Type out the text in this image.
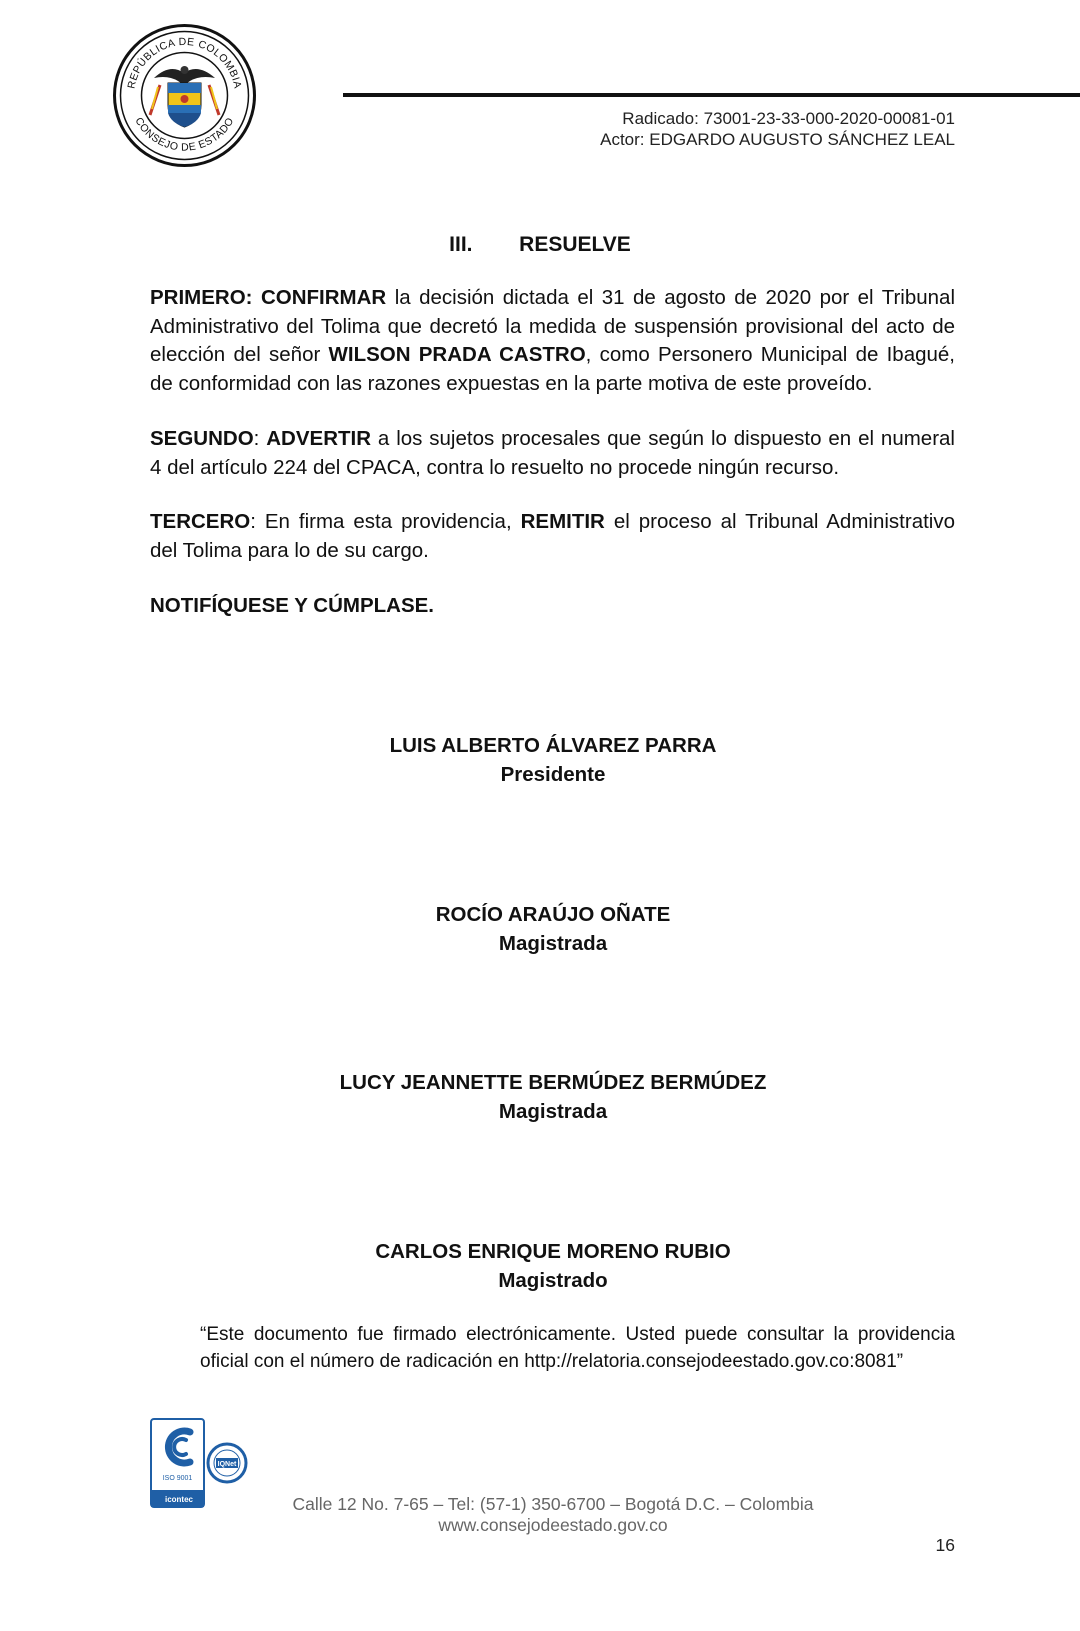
REPÚBLICA DE COLOMBIA
CONSEJO DE ESTADO	Radicado: 73001-23-33-000-2020-00081-01
Actor: EDGARDO AUGUSTO SÁNCHEZ LEAL
III. RESUELVE
PRIMERO: CONFIRMAR la decisión dictada el 31 de agosto de 2020 por el Tribunal Administrativo del Tolima que decretó la medida de suspensión provisional del acto de elección del señor WILSON PRADA CASTRO, como Personero Municipal de Ibagué, de conformidad con las razones expuestas en la parte motiva de este proveído.
SEGUNDO: ADVERTIR a los sujetos procesales que según lo dispuesto en el numeral 4 del artículo 224 del CPACA, contra lo resuelto no procede ningún recurso.
TERCERO: En firma esta providencia, REMITIR el proceso al Tribunal Administrativo del Tolima para lo de su cargo.
NOTIFÍQUESE Y CÚMPLASE.
LUIS ALBERTO ÁLVAREZ PARRA
Presidente
ROCÍO ARAÚJO OÑATE
Magistrada
LUCY JEANNETTE BERMÚDEZ BERMÚDEZ
Magistrada
CARLOS ENRIQUE MORENO RUBIO
Magistrado
“Este documento fue firmado electrónicamente. Usted puede consultar la providencia oficial con el número de radicación en http://relatoria.consejodeestado.gov.co:8081”
ISO 9001
icontec
IQNet
Calle 12 No. 7-65 – Tel: (57-1) 350-6700 – Bogotá D.C. – Colombia
www.consejodeestado.gov.co
16
